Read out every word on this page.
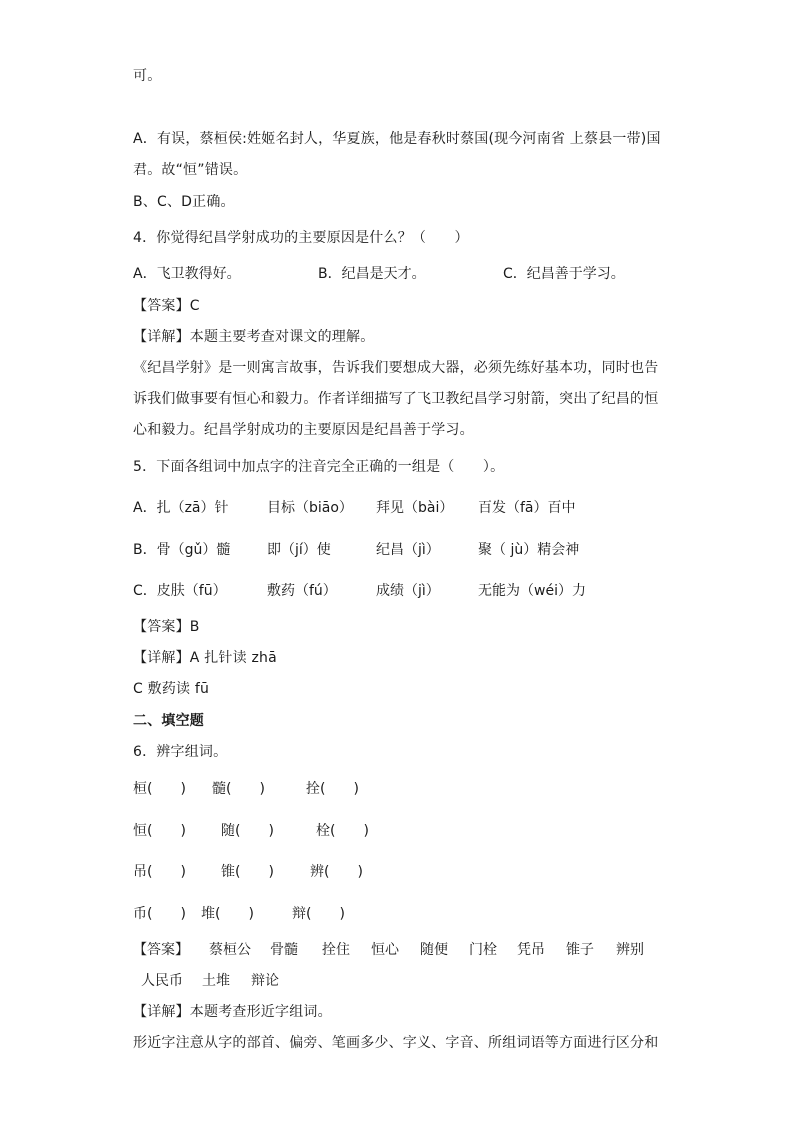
可。
A．有误，蔡桓侯:姓姬名封人，华夏族，他是春秋时蔡国(现今河南省 上蔡县一带)国
君。故“恒”错误。
B、C、D正确。
4．你觉得纪昌学射成功的主要原因是什么？（　　）
A．飞卫教得好。	B．纪昌是天才。	C．纪昌善于学习。
【答案】C
【详解】本题主要考查对课文的理解。
《纪昌学射》是一则寓言故事，告诉我们要想成大器，必须先练好基本功，同时也告
诉我们做事要有恒心和毅力。作者详细描写了飞卫教纪昌学习射箭，突出了纪昌的恒
心和毅力。纪昌学射成功的主要原因是纪昌善于学习。
5．下面各组词中加点字的注音完全正确的一组是（　　）。
A．扎（zā）针	目标（biāo） 拜见（bài） 百发（fā）百中
B．骨（gǔ）髓	即（jí）使	纪昌（jì）	聚（ jù）精会神
C．皮肤（fū）	敷药（fú）	成绩（jì）	无能为（wéi）力
【答案】B
【详解】A 扎针读 zhā
C 敷药读 fū
二、填空题
6．辨字组词。
桓(　　) 髓(　　)	拴(　　)
恒(　　)	随(　　)	栓(　　)
吊(　　)	锥(　　)	辨(　　)
币(　　) 堆(　　)	辩(　　)
【答案】 蔡桓公 骨髓 拴住 恒心 随便 门栓 凭吊 锥子 辨别
人民币 土堆 辩论
【详解】本题考查形近字组词。
形近字注意从字的部首、偏旁、笔画多少、字义、字音、所组词语等方面进行区分和
